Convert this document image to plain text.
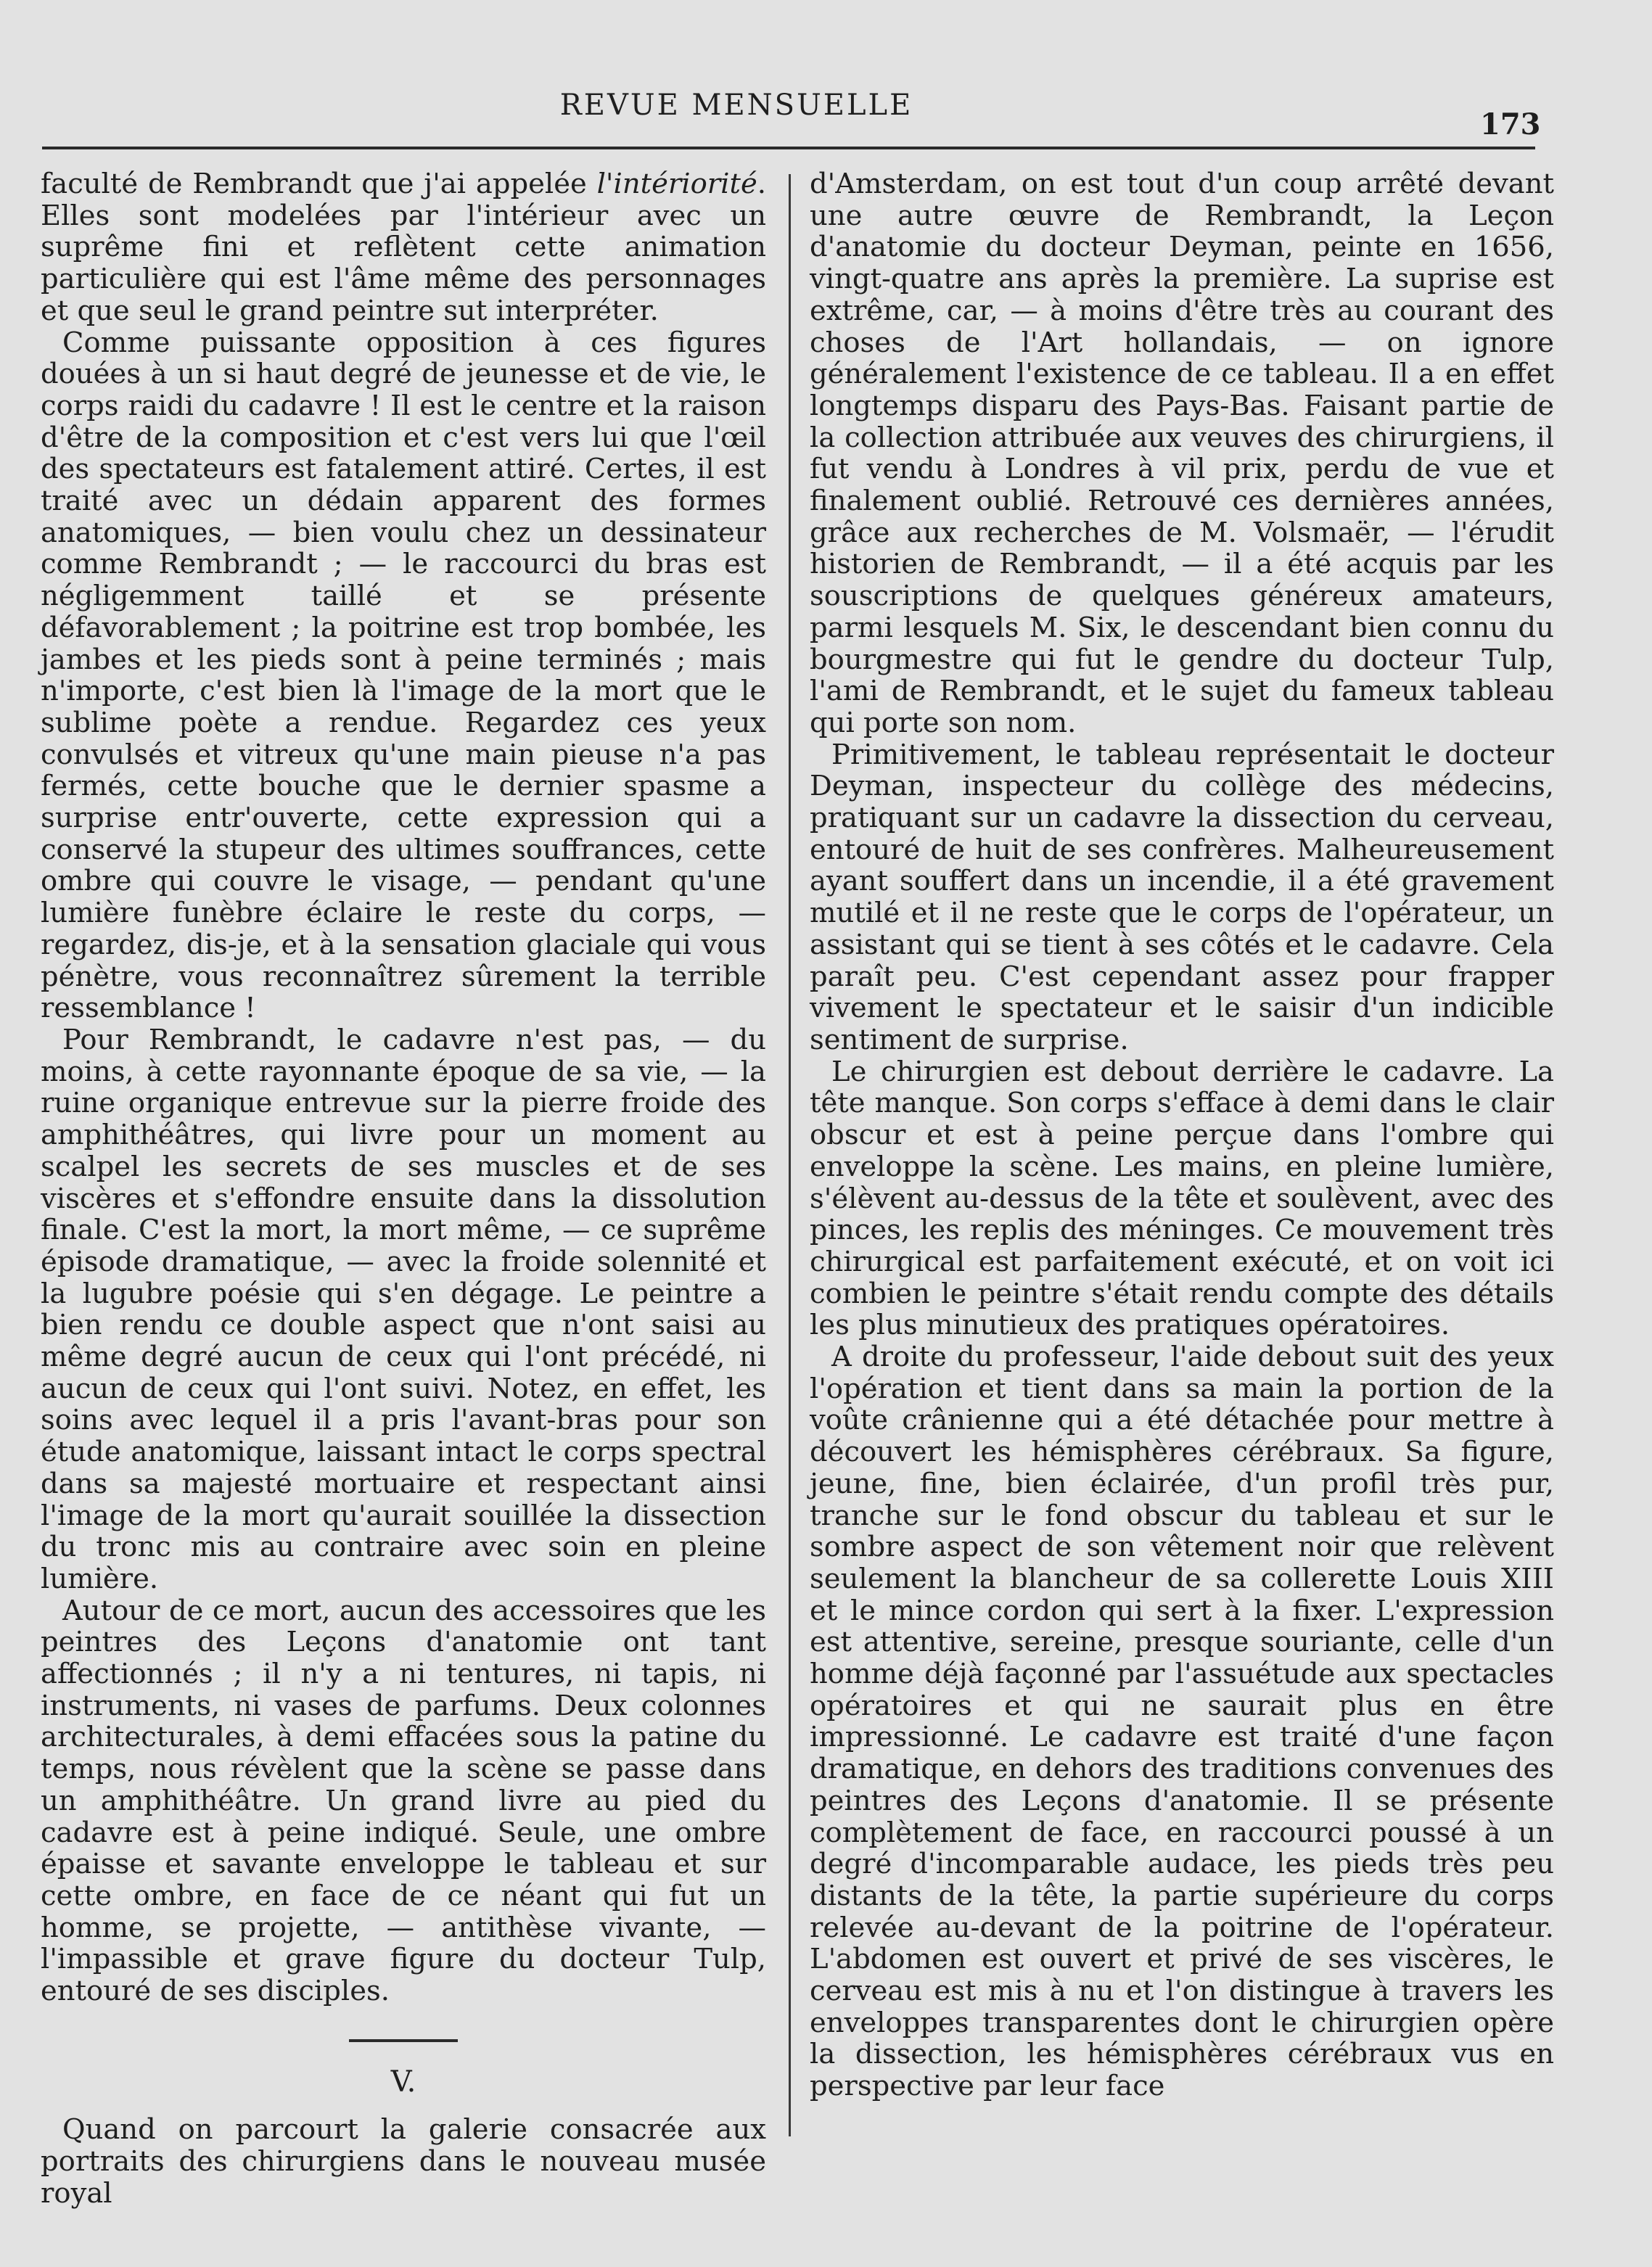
REVUE MENSUELLE
173

faculté de Rembrandt que j'ai appelée l'intériorité. Elles sont modelées par l'intérieur avec un suprême fini et reflètent cette animation particulière qui est l'âme même des personnages et que seul le grand peintre sut interpréter.

Comme puissante opposition à ces figures douées à un si haut degré de jeunesse et de vie, le corps raidi du cadavre ! Il est le centre et la raison d'être de la composition et c'est vers lui que l'œil des spectateurs est fatalement attiré. Certes, il est traité avec un dédain apparent des formes anatomiques, — bien voulu chez un dessinateur comme Rembrandt ; — le raccourci du bras est négligemment taillé et se présente défavorablement ; la poitrine est trop bombée, les jambes et les pieds sont à peine terminés ; mais n'importe, c'est bien là l'image de la mort que le sublime poète a rendue. Regardez ces yeux convulsés et vitreux qu'une main pieuse n'a pas fermés, cette bouche que le dernier spasme a surprise entr'ouverte, cette expression qui a conservé la stupeur des ultimes souffrances, cette ombre qui couvre le visage, — pendant qu'une lumière funèbre éclaire le reste du corps, — regardez, dis-je, et à la sensation glaciale qui vous pénètre, vous reconnaîtrez sûrement la terrible ressemblance !

Pour Rembrandt, le cadavre n'est pas, — du moins, à cette rayonnante époque de sa vie, — la ruine organique entrevue sur la pierre froide des amphithéâtres, qui livre pour un moment au scalpel les secrets de ses muscles et de ses viscères et s'effondre ensuite dans la dissolution finale. C'est la mort, la mort même, — ce suprême épisode dramatique, — avec la froide solennité et la lugubre poésie qui s'en dégage. Le peintre a bien rendu ce double aspect que n'ont saisi au même degré aucun de ceux qui l'ont précédé, ni aucun de ceux qui l'ont suivi. Notez, en effet, les soins avec lequel il a pris l'avant-bras pour son étude anatomique, laissant intact le corps spectral dans sa majesté mortuaire et respectant ainsi l'image de la mort qu'aurait souillée la dissection du tronc mis au contraire avec soin en pleine lumière.

Autour de ce mort, aucun des accessoires que les peintres des Leçons d'anatomie ont tant affectionnés ; il n'y a ni tentures, ni tapis, ni instruments, ni vases de parfums. Deux colonnes architecturales, à demi effacées sous la patine du temps, nous révèlent que la scène se passe dans un amphithéâtre. Un grand livre au pied du cadavre est à peine indiqué. Seule, une ombre épaisse et savante enveloppe le tableau et sur cette ombre, en face de ce néant qui fut un homme, se projette, — antithèse vivante, — l'impassible et grave figure du docteur Tulp, entouré de ses disciples.

V.

Quand on parcourt la galerie consacrée aux portraits des chirurgiens dans le nouveau musée royal

d'Amsterdam, on est tout d'un coup arrêté devant une autre œuvre de Rembrandt, la Leçon d'anatomie du docteur Deyman, peinte en 1656, vingt-quatre ans après la première. La suprise est extrême, car, — à moins d'être très au courant des choses de l'Art hollandais, — on ignore généralement l'existence de ce tableau. Il a en effet longtemps disparu des Pays-Bas. Faisant partie de la collection attribuée aux veuves des chirurgiens, il fut vendu à Londres à vil prix, perdu de vue et finalement oublié. Retrouvé ces dernières années, grâce aux recherches de M. Volsmaër, — l'érudit historien de Rembrandt, — il a été acquis par les souscriptions de quelques généreux amateurs, parmi lesquels M. Six, le descendant bien connu du bourgmestre qui fut le gendre du docteur Tulp, l'ami de Rembrandt, et le sujet du fameux tableau qui porte son nom.

Primitivement, le tableau représentait le docteur Deyman, inspecteur du collège des médecins, pratiquant sur un cadavre la dissection du cerveau, entouré de huit de ses confrères. Malheureusement ayant souffert dans un incendie, il a été gravement mutilé et il ne reste que le corps de l'opérateur, un assistant qui se tient à ses côtés et le cadavre. Cela paraît peu. C'est cependant assez pour frapper vivement le spectateur et le saisir d'un indicible sentiment de surprise.

Le chirurgien est debout derrière le cadavre. La tête manque. Son corps s'efface à demi dans le clair obscur et est à peine perçue dans l'ombre qui enveloppe la scène. Les mains, en pleine lumière, s'élèvent au-dessus de la tête et soulèvent, avec des pinces, les replis des méninges. Ce mouvement très chirurgical est parfaitement exécuté, et on voit ici combien le peintre s'était rendu compte des détails les plus minutieux des pratiques opératoires.

A droite du professeur, l'aide debout suit des yeux l'opération et tient dans sa main la portion de la voûte crânienne qui a été détachée pour mettre à découvert les hémisphères cérébraux. Sa figure, jeune, fine, bien éclairée, d'un profil très pur, tranche sur le fond obscur du tableau et sur le sombre aspect de son vêtement noir que relèvent seulement la blancheur de sa collerette Louis XIII et le mince cordon qui sert à la fixer. L'expression est attentive, sereine, presque souriante, celle d'un homme déjà façonné par l'assuétude aux spectacles opératoires et qui ne saurait plus en être impressionné. Le cadavre est traité d'une façon dramatique, en dehors des traditions convenues des peintres des Leçons d'anatomie. Il se présente complètement de face, en raccourci poussé à un degré d'incomparable audace, les pieds très peu distants de la tête, la partie supérieure du corps relevée au-devant de la poitrine de l'opérateur. L'abdomen est ouvert et privé de ses viscères, le cerveau est mis à nu et l'on distingue à travers les enveloppes transparentes dont le chirurgien opère la dissection, les hémisphères cérébraux vus en perspective par leur face
